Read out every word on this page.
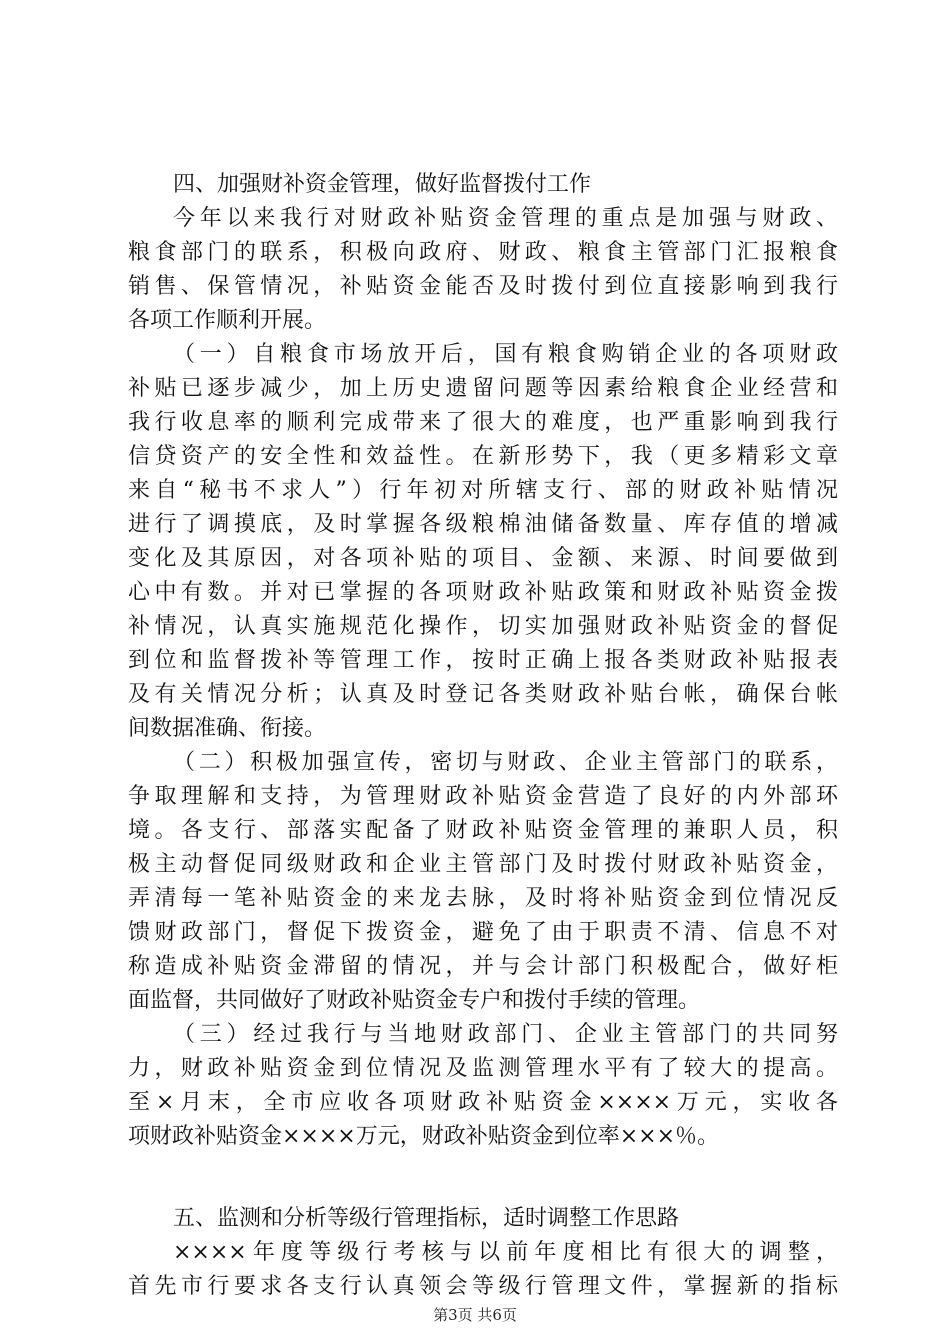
四、加强财补资金管理，做好监督拨付工作
今年以来我行对财政补贴资金管理的重点是加强与财政、
粮食部门的联系，积极向政府、财政、粮食主管部门汇报粮食
销售、保管情况，补贴资金能否及时拨付到位直接影响到我行
各项工作顺利开展。
（一）自粮食市场放开后，国有粮食购销企业的各项财政
补贴已逐步减少，加上历史遗留问题等因素给粮食企业经营和
我行收息率的顺利完成带来了很大的难度，也严重影响到我行
信贷资产的安全性和效益性。在新形势下，我（更多精彩文章
来自“秘书不求人”）行年初对所辖支行、部的财政补贴情况
进行了调摸底，及时掌握各级粮棉油储备数量、库存值的增减
变化及其原因，对各项补贴的项目、金额、来源、时间要做到
心中有数。并对已掌握的各项财政补贴政策和财政补贴资金拨
补情况，认真实施规范化操作，切实加强财政补贴资金的督促
到位和监督拨补等管理工作，按时正确上报各类财政补贴报表
及有关情况分析；认真及时登记各类财政补贴台帐，确保台帐
间数据准确、衔接。
（二）积极加强宣传，密切与财政、企业主管部门的联系，
争取理解和支持，为管理财政补贴资金营造了良好的内外部环
境。各支行、部落实配备了财政补贴资金管理的兼职人员，积
极主动督促同级财政和企业主管部门及时拨付财政补贴资金，
弄清每一笔补贴资金的来龙去脉，及时将补贴资金到位情况反
馈财政部门，督促下拨资金，避免了由于职责不清、信息不对
称造成补贴资金滞留的情况，并与会计部门积极配合，做好柜
面监督，共同做好了财政补贴资金专户和拨付手续的管理。
（三）经过我行与当地财政部门、企业主管部门的共同努
力，财政补贴资金到位情况及监测管理水平有了较大的提高。
至×月末，全市应收各项财政补贴资金××××万元，实收各
项财政补贴资金××××万元，财政补贴资金到位率×××％。
五、监测和分析等级行管理指标，适时调整工作思路
××××年度等级行考核与以前年度相比有很大的调整，
首先市行要求各支行认真领会等级行管理文件，掌握新的指标
第3页 共6页
